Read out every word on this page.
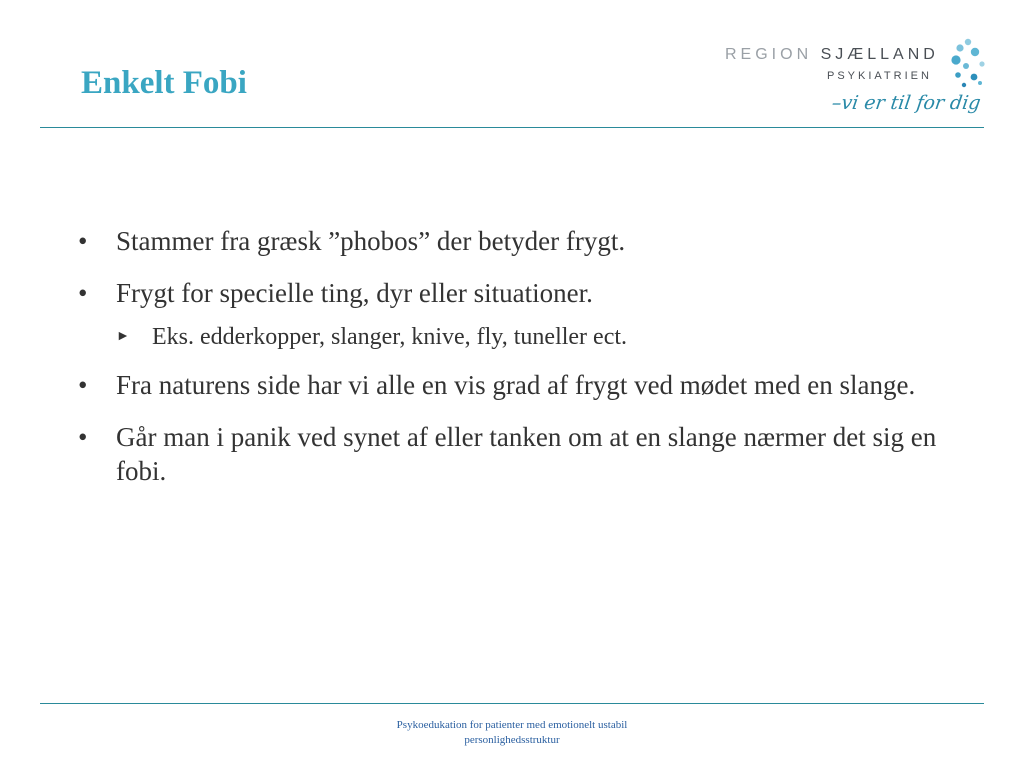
Enkelt Fobi
REGION SJÆLLAND
PSYKIATRIEN
–vi er til for dig
•	Stammer fra græsk ”phobos” der betyder frygt.
•	Frygt for specielle ting, dyr eller situationer.
► Eks. edderkopper, slanger, knive, fly, tuneller ect.
•	Fra naturens side har vi alle en vis grad af frygt ved mødet med en slange.
•	Går man i panik ved synet af eller tanken om at en slange nærmer det sig en fobi.
Psykoedukation for patienter med emotionelt ustabil
personlighedsstruktur
